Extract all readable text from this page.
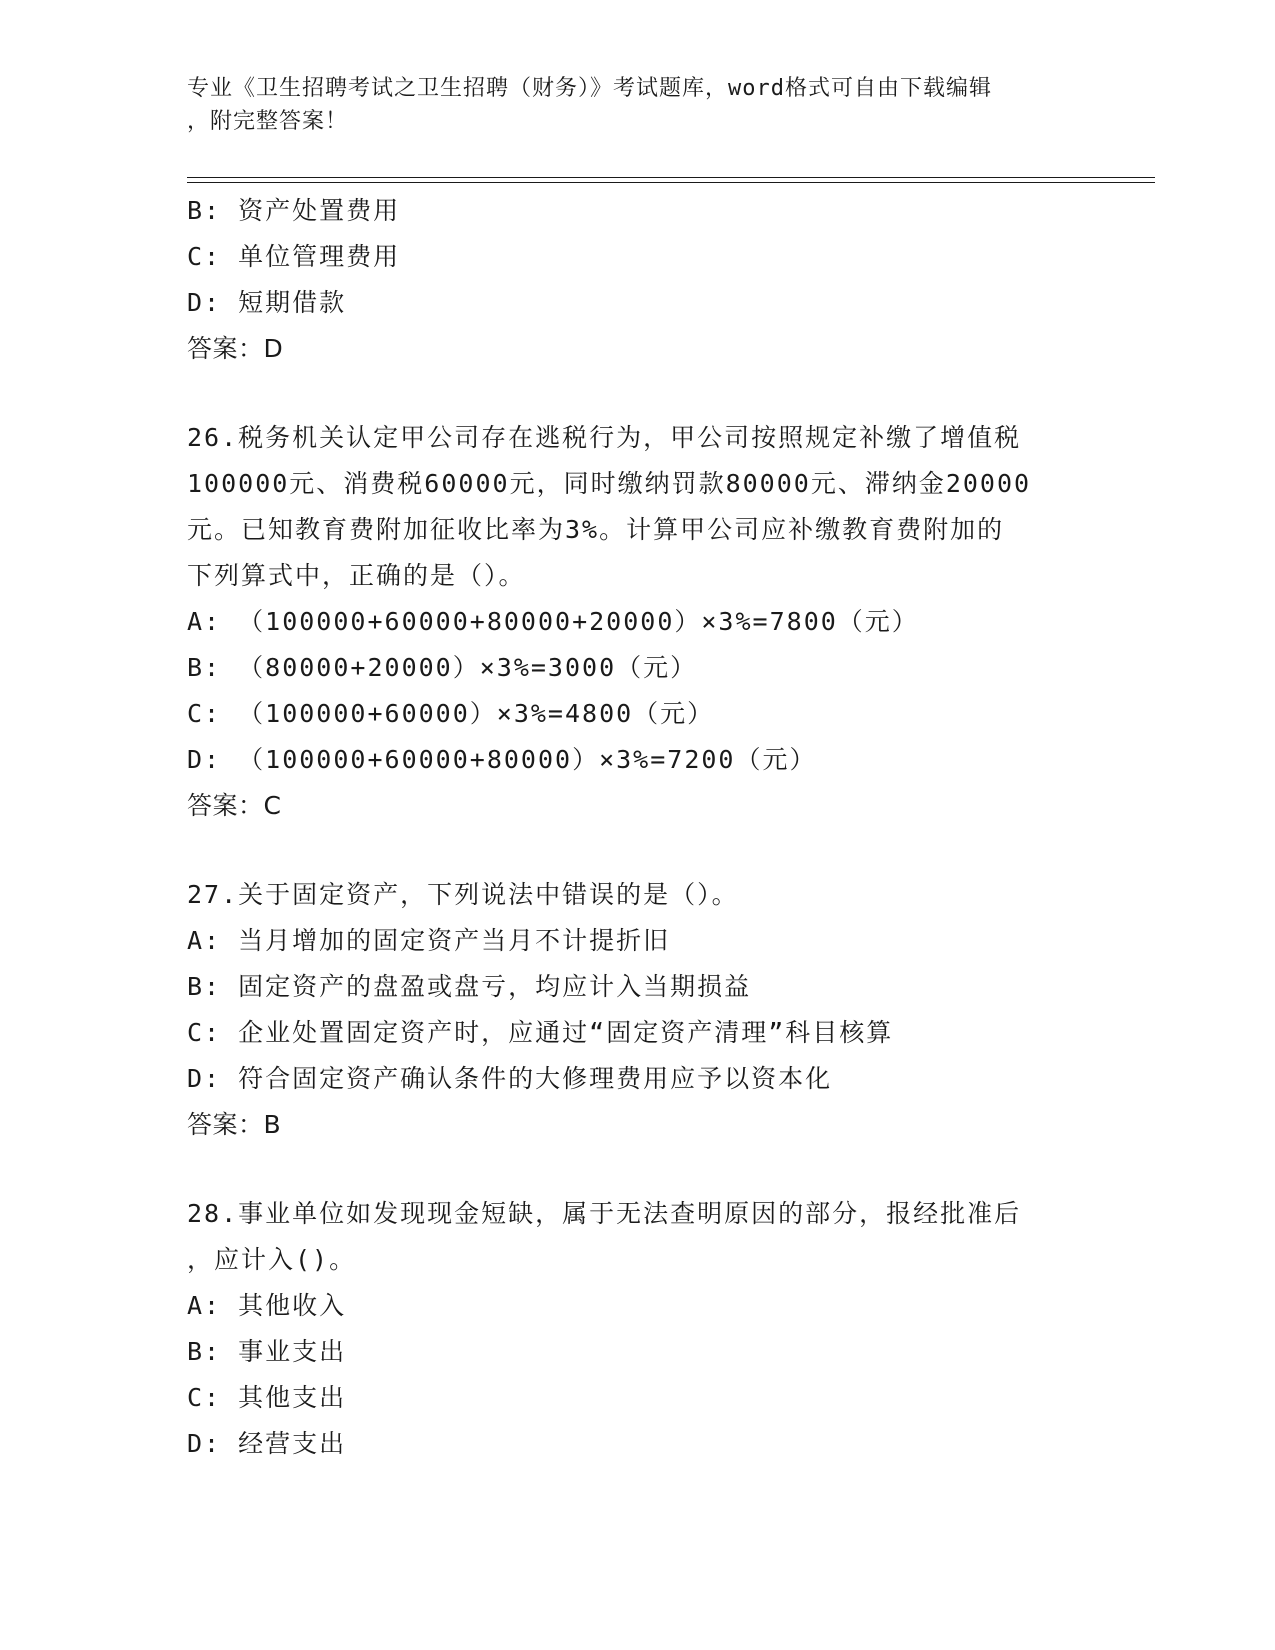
专业《卫生招聘考试之卫生招聘（财务）》考试题库，word格式可自由下载编辑
，附完整答案！
B: 资产处置费用
C: 单位管理费用
D: 短期借款
答案：D
26.税务机关认定甲公司存在逃税行为，甲公司按照规定补缴了增值税
100000元、消费税60000元，同时缴纳罚款80000元、滞纳金20000
元。已知教育费附加征收比率为3%。计算甲公司应补缴教育费附加的
下列算式中，正确的是（）。
A: （100000+60000+80000+20000）×3%=7800（元）
B: （80000+20000）×3%=3000（元）
C: （100000+60000）×3%=4800（元）
D: （100000+60000+80000）×3%=7200（元）
答案：C
27.关于固定资产，下列说法中错误的是（）。
A: 当月增加的固定资产当月不计提折旧
B: 固定资产的盘盈或盘亏，均应计入当期损益
C: 企业处置固定资产时，应通过“固定资产清理”科目核算
D: 符合固定资产确认条件的大修理费用应予以资本化
答案：B
28.事业单位如发现现金短缺，属于无法查明原因的部分，报经批准后
，应计入()。
A: 其他收入
B: 事业支出
C: 其他支出
D: 经营支出
